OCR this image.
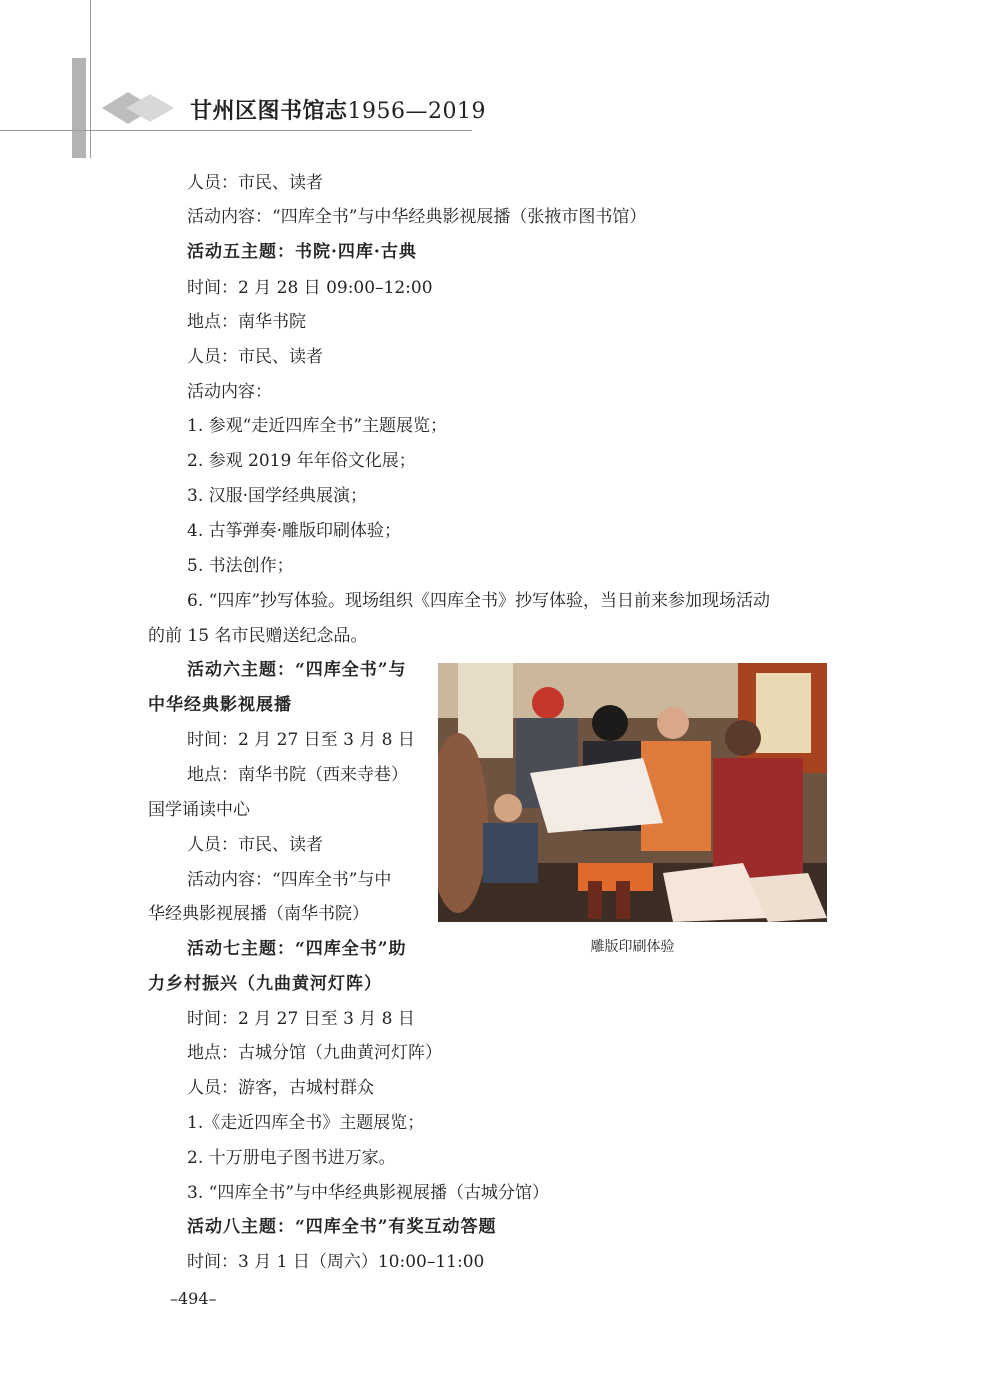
甘州区图书馆志1956—2019
人员：市民、读者
活动内容：“四库全书”与中华经典影视展播（张掖市图书馆）
活动五主题：书院·四库·古典
时间：2 月 28 日 09:00–12:00
地点：南华书院
人员：市民、读者
活动内容：
1. 参观“走近四库全书”主题展览；
2. 参观 2019 年年俗文化展；
3. 汉服·国学经典展演；
4. 古筝弹奏·雕版印刷体验；
5. 书法创作；
6. “四库”抄写体验。现场组织《四库全书》抄写体验，当日前来参加现场活动
的前 15 名市民赠送纪念品。
活动六主题：“四库全书”与
中华经典影视展播
时间：2 月 27 日至 3 月 8 日
地点：南华书院（西来寺巷）
国学诵读中心
人员：市民、读者
活动内容：“四库全书”与中
华经典影视展播（南华书院）
活动七主题：“四库全书”助
力乡村振兴（九曲黄河灯阵）
时间：2 月 27 日至 3 月 8 日
地点：古城分馆（九曲黄河灯阵）
人员：游客，古城村群众
1.《走近四库全书》主题展览；
2. 十万册电子图书进万家。
3. “四库全书”与中华经典影视展播（古城分馆）
活动八主题：“四库全书”有奖互动答题
时间：3 月 1 日（周六）10:00–11:00
雕版印刷体验
–494–
